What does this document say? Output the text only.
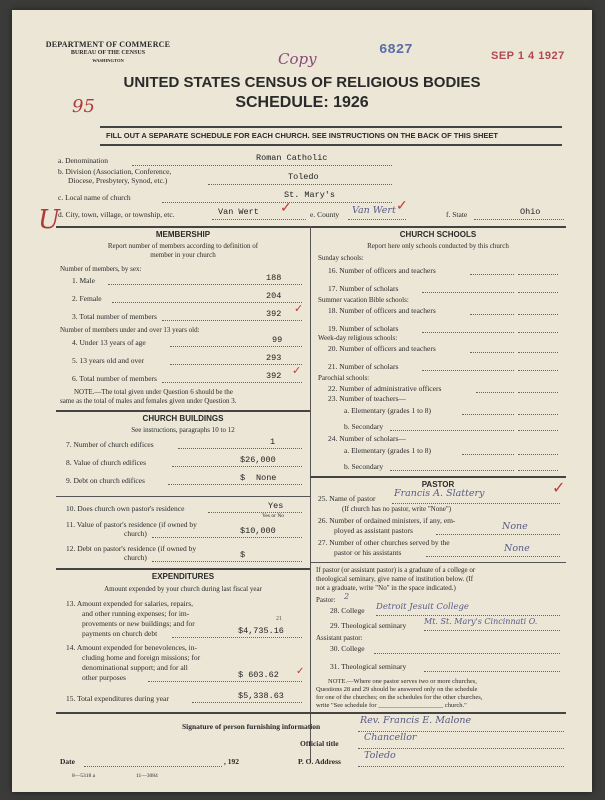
DEPARTMENT OF COMMERCE
BUREAU OF THE CENSUS
WASHINGTON	Copy	6827	SEP 1 4 1927
UNITED STATES CENSUS OF RELIGIOUS BODIES
SCHEDULE: 1926
95
U
FILL OUT A SEPARATE SCHEDULE FOR EACH CHURCH. SEE INSTRUCTIONS ON THE BACK OF THIS SHEET
a. Denomination	Roman Catholic
b. Division (Association, Conference,
Diocese, Presbytery, Synod, etc.)	Toledo
c. Local name of church	St. Mary's
d. City, town, village, or township, etc.	Van Wert ✓ e. County Van Wert ✓
f. State	Ohio
MEMBERSHIP
Report number of members according to definition of
member in your church
Number of members, by sex:
1. Male	188
2. Female	204
3. Total number of members	392 ✓
Number of members under and over 13 years old:
4. Under 13 years of age	99
5. 13 years old and over	293
6. Total number of members	392 ✓
NOTE.—The total given under Question 6 should be the
same as the total of males and females given under Question 3.
CHURCH BUILDINGS
See instructions, paragraphs 10 to 12
7. Number of church edifices	1
8. Value of church edifices	$26,000
9. Debt on church edifices	$ None
10. Does church own pastor's residence	Yes
Yes or No
11. Value of pastor's residence (if owned by
church)	$10,000
12. Debt on pastor's residence (if owned by
church)	$
EXPENDITURES
Amount expended by your church during last fiscal year
13. Amount expended for salaries, repairs,
and other running expenses; for im-
provements or new buildings; and for
payments on church debt	$4,735.16
21
14. Amount expended for benevolences, in-
cluding home and foreign missions; for
denominational support; and for all
other purposes	$ 603.62 ✓
15. Total expenditures during year	$5,338.63
CHURCH SCHOOLS
Report here only schools conducted by this church
Sunday schools:
16. Number of officers and teachers
17. Number of scholars
Summer vacation Bible schools:
18. Number of officers and teachers
19. Number of scholars
Week-day religious schools:
20. Number of officers and teachers
21. Number of scholars
Parochial schools:
22. Number of administrative officers
23. Number of teachers—
a. Elementary (grades 1 to 8)
b. Secondary
24. Number of scholars—
a. Elementary (grades 1 to 8)
b. Secondary
PASTOR
25. Name of pastor Francis A. Slattery	✓
(If church has no pastor, write "None")
26. Number of ordained ministers, if any, em-
ployed as assistant pastors	None
27. Number of other churches served by the
pastor or his assistants	None
If pastor (or assistant pastor) is a graduate of a college or
theological seminary, give name of institution below. (If
not a graduate, write "No" in the space indicated.)
Pastor: 2
28. College Detroit Jesuit College
29. Theological seminary Mt. St. Mary's Cincinnati O.
Assistant pastor:
30. College
31. Theological seminary
NOTE.—Where one pastor serves two or more churches,
Questions 28 and 29 should be answered only on the schedule
for one of the churches; on the schedules for the other churches,
write "See schedule for ____________________ church."
Signature of person furnishing information
Rev. Francis E. Malone
Official title
Chancellor
Date	, 192	P. O. Address
Toledo
8—5318 a	11—3084
